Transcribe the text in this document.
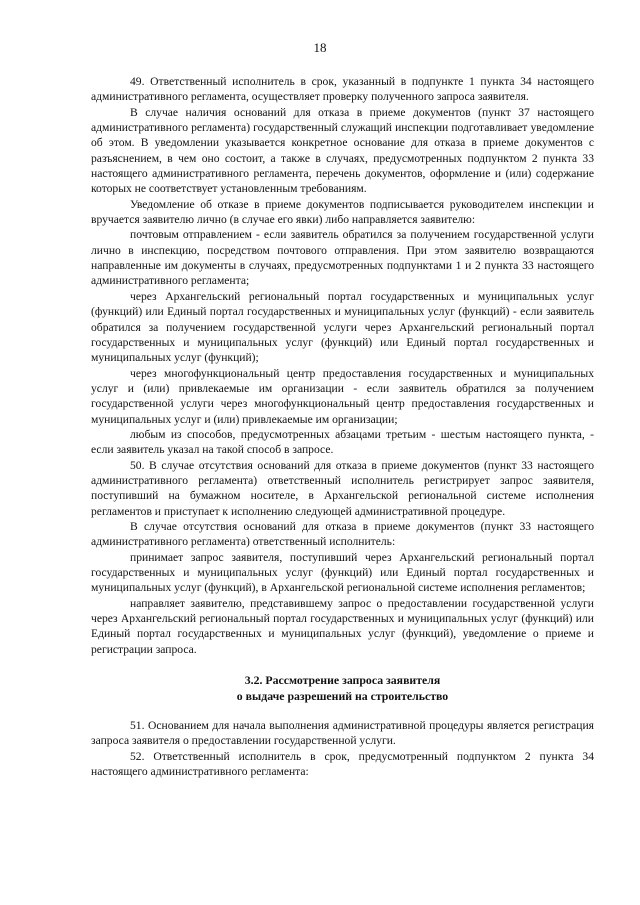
18

49. Ответственный исполнитель в срок, указанный в подпункте 1 пункта 34 настоящего административного регламента, осуществляет проверку полученного запроса заявителя.

В случае наличия оснований для отказа в приеме документов (пункт 37 настоящего административного регламента) государственный служащий инспекции подготавливает уведомление об этом. В уведомлении указывается конкретное основание для отказа в приеме документов с разъяснением, в чем оно состоит, а также в случаях, предусмотренных подпунктом 2 пункта 33 настоящего административного регламента, перечень документов, оформление и (или) содержание которых не соответствует установленным требованиям.

Уведомление об отказе в приеме документов подписывается руководителем инспекции и вручается заявителю лично (в случае его явки) либо направляется заявителю:

почтовым отправлением - если заявитель обратился за получением государственной услуги лично в инспекцию, посредством почтового отправления. При этом заявителю возвращаются направленные им документы в случаях, предусмотренных подпунктами 1 и 2 пункта 33 настоящего административного регламента;

через Архангельский региональный портал государственных и муниципальных услуг (функций) или Единый портал государственных и муниципальных услуг (функций) - если заявитель обратился за получением государственной услуги через Архангельский региональный портал государственных и муниципальных услуг (функций) или Единый портал государственных и муниципальных услуг (функций);

через многофункциональный центр предоставления государственных и муниципальных услуг и (или) привлекаемые им организации - если заявитель обратился за получением государственной услуги через многофункциональный центр предоставления государственных и муниципальных услуг и (или) привлекаемые им организации;

любым из способов, предусмотренных абзацами третьим - шестым настоящего пункта, - если заявитель указал на такой способ в запросе.

50. В случае отсутствия оснований для отказа в приеме документов (пункт 33 настоящего административного регламента) ответственный исполнитель регистрирует запрос заявителя, поступивший на бумажном носителе, в Архангельской региональной системе исполнения регламентов и приступает к исполнению следующей административной процедуре.

В случае отсутствия оснований для отказа в приеме документов (пункт 33 настоящего административного регламента) ответственный исполнитель:

принимает запрос заявителя, поступивший через Архангельский региональный портал государственных и муниципальных услуг (функций) или Единый портал государственных и муниципальных услуг (функций), в Архангельской региональной системе исполнения регламентов;

направляет заявителю, представившему запрос о предоставлении государственной услуги через Архангельский региональный портал государственных и муниципальных услуг (функций) или Единый портал государственных и муниципальных услуг (функций), уведомление о приеме и регистрации запроса.

3.2. Рассмотрение запроса заявителя
о выдаче разрешений на строительство

51. Основанием для начала выполнения административной процедуры является регистрация запроса заявителя о предоставлении государственной услуги.

52. Ответственный исполнитель в срок, предусмотренный подпунктом 2 пункта 34 настоящего административного регламента:
